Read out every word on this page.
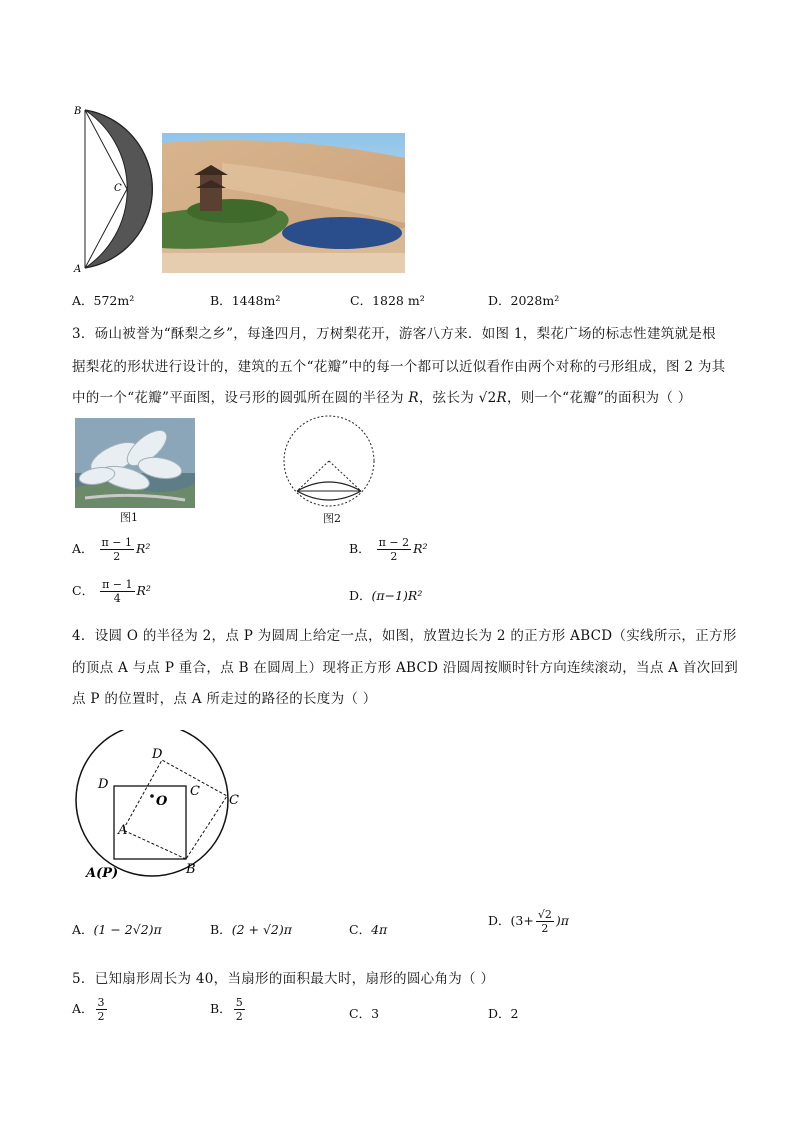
B
C
A
A．572m²	B．1448m²	C．1828 m²	D．2028m²
3．砀山被誉为“酥梨之乡”，每逢四月，万树梨花开，游客八方来．如图 1，梨花广场的标志性建筑就是根
据梨花的形状进行设计的，建筑的五个“花瓣”中的每一个都可以近似看作由两个对称的弓形组成，图 2 为其
中的一个“花瓣”平面图，设弓形的圆弧所在圆的半径为 R，弦长为 √2R，则一个“花瓣”的面积为（ ）
图1	图2
A． $\frac{\pi - 1}{2} R^2$	B． $\frac{\pi - 2}{2} R^2$
C． $\frac{\pi - 1}{4} R^2$	D．(π−1)R²
4．设圆 O 的半径为 2，点 P 为圆周上给定一点，如图，放置边长为 2 的正方形 ABCD（实线所示，正方形
的顶点 A 与点 P 重合，点 B 在圆周上）现将正方形 ABCD 沿圆周按顺时针方向连续滚动，当点 A 首次回到
点 P 的位置时，点 A 所走过的路径的长度为（ ）
D
D
O
C
C
A
A(P)	B
A．(1 − 2√2)π	B．(2 + √2)π	C．4π
D．$(3+ \frac{√2}{2} )\pi$
5．已知扇形周长为 40，当扇形的面积最大时，扇形的圆心角为（ ）
A． $\frac{3}{2}$	B． $\frac{5}{2}$	C．3	D．2
